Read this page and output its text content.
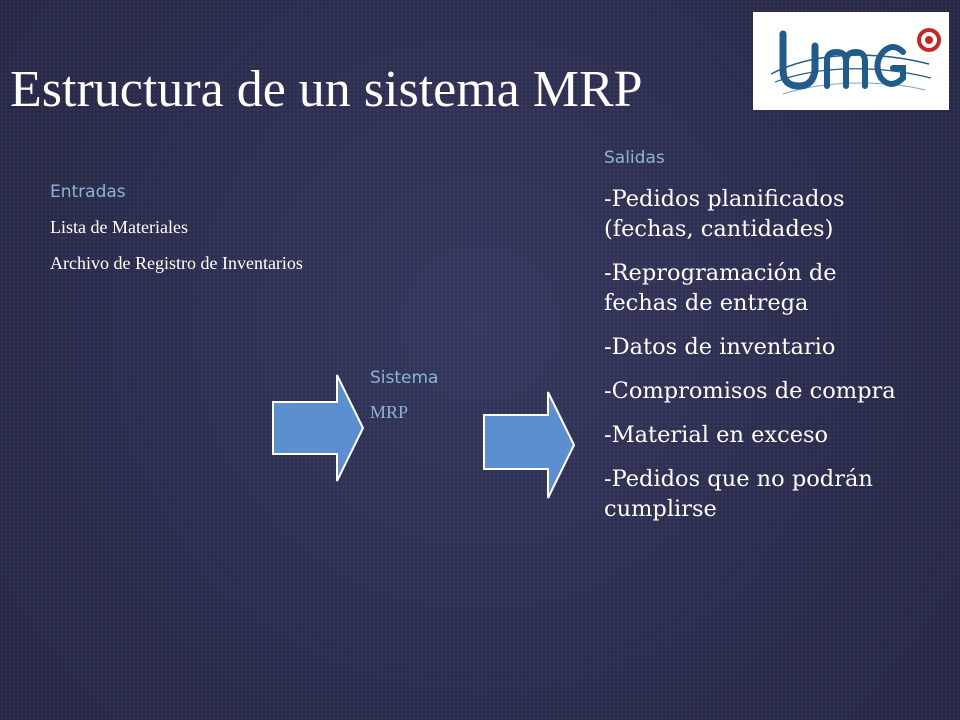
Estructura de un sistema MRP
Entradas
Lista de Materiales
Archivo de Registro de Inventarios
Sistema
MRP
Salidas
-Pedidos planificados (fechas, cantidades)
-Reprogramación de fechas de entrega
-Datos de inventario
-Compromisos de compra
-Material en exceso
-Pedidos que no podrán cumplirse
